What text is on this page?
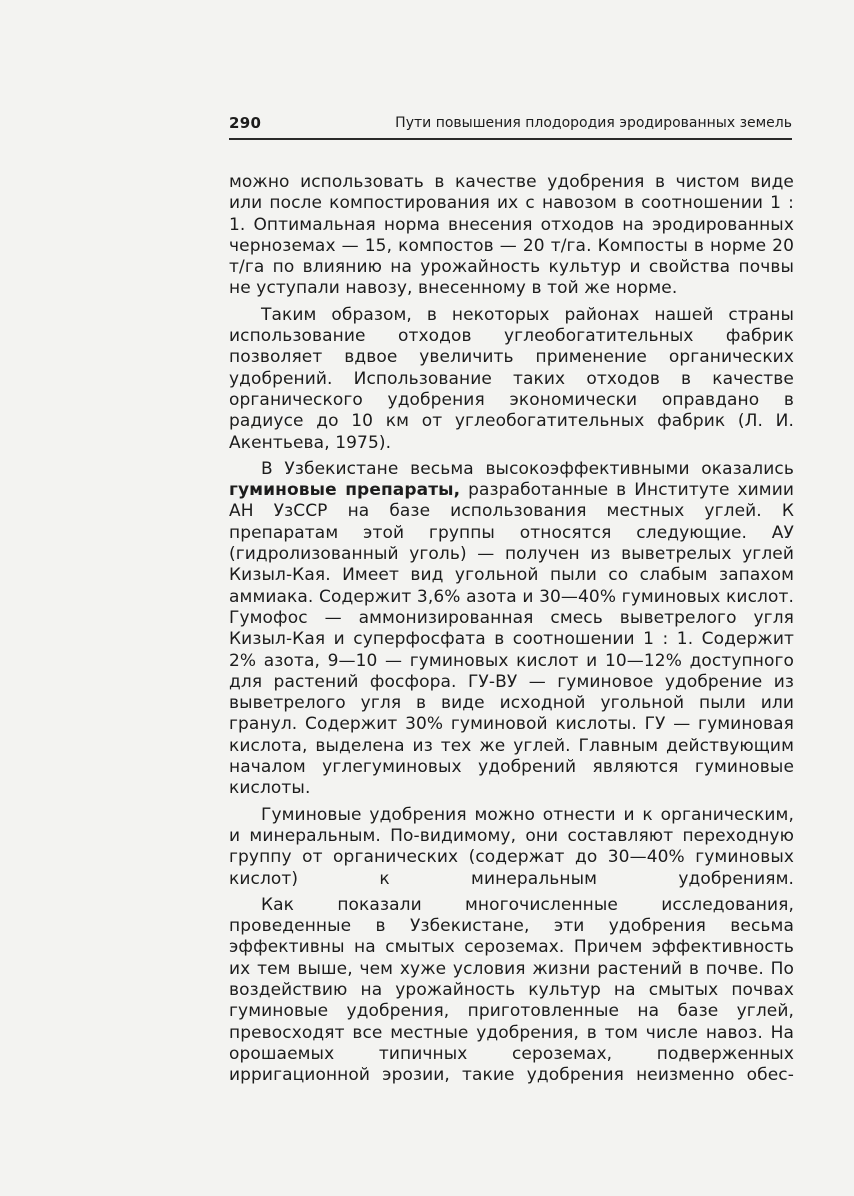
290	Пути повышения плодородия эродированных земель

можно использовать в качестве удобрения в чистом виде или после компостирования их с навозом в соотношении 1 : 1. Оптимальная норма внесения отходов на эродированных черноземах — 15, компостов — 20 т/га. Компосты в норме 20 т/га по влиянию на урожайность культур и свойства почвы не уступали навозу, внесенному в той же норме.

Таким образом, в некоторых районах нашей страны использование отходов углеобогатительных фабрик позволяет вдвое увеличить применение органических удобрений. Использование таких отходов в качестве органического удобрения экономически оправдано в радиусе до 10 км от углеобогатительных фабрик (Л. И. Акентьева, 1975).

В Узбекистане весьма высокоэффективными оказались гуминовые препараты, разработанные в Институте химии АН УзССР на базе использования местных углей. К препаратам этой группы относятся следующие. АУ (гидролизованный уголь) — получен из выветрелых углей Кизыл-Кая. Имеет вид угольной пыли со слабым запахом аммиака. Содержит 3,6% азота и 30—40% гуминовых кислот. Гумофос — аммонизированная смесь выветрелого угля Кизыл-Кая и суперфосфата в соотношении 1 : 1. Содержит 2% азота, 9—10 — гуминовых кислот и 10—12% доступного для растений фосфора. ГУ-ВУ — гуминовое удобрение из выветрелого угля в виде исходной угольной пыли или гранул. Содержит 30% гуминовой кислоты. ГУ — гуминовая кислота, выделена из тех же углей. Главным действующим началом углегуминовых удобрений являются гуминовые кислоты.

Гуминовые удобрения можно отнести и к органическим, и минеральным. По-видимому, они составляют переходную группу от органических (содержат до 30—40% гуминовых кислот) к минеральным удобрениям.

Как показали многочисленные исследования, проведенные в Узбекистане, эти удобрения весьма эффективны на смытых сероземах. Причем эффективность их тем выше, чем хуже условия жизни растений в почве. По воздействию на урожайность культур на смытых почвах гуминовые удобрения, приготовленные на базе углей, превосходят все местные удобрения, в том числе навоз. На орошаемых типичных сероземах, подверженных ирригационной эрозии, такие удобрения неизменно обес-
